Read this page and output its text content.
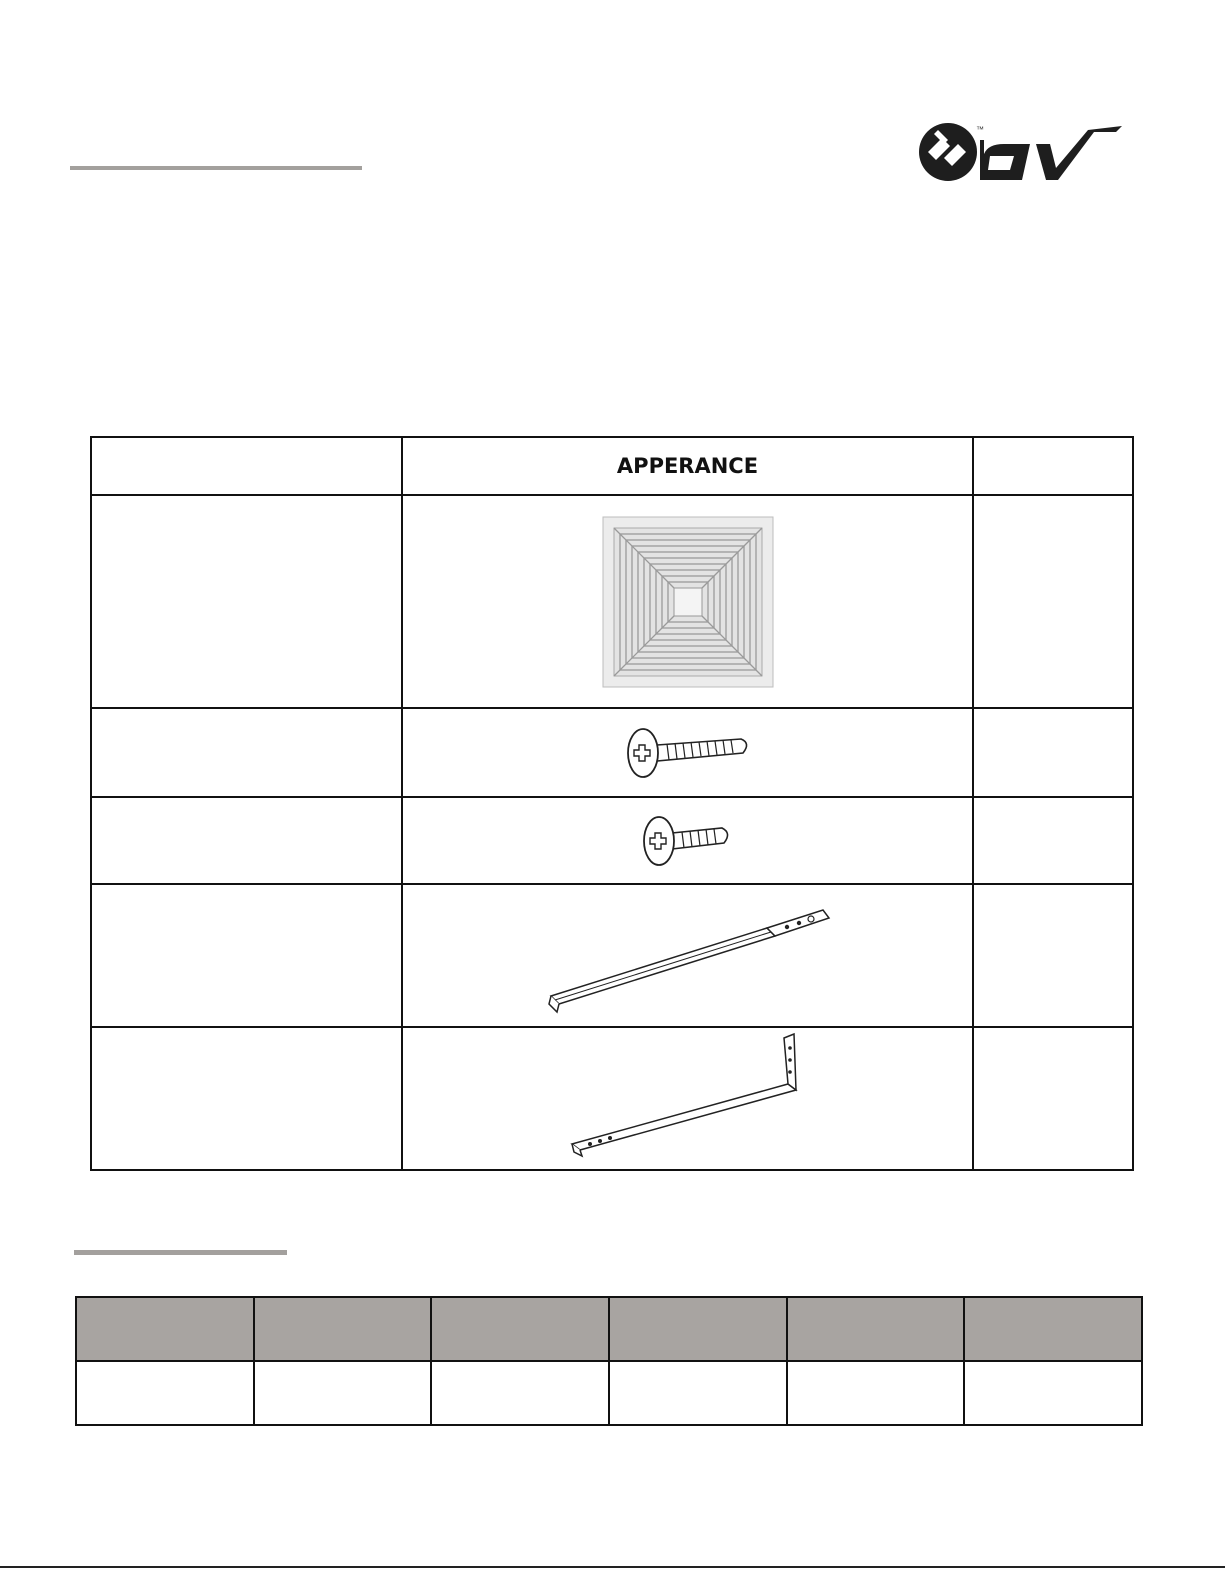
™
	APPERANCE	
